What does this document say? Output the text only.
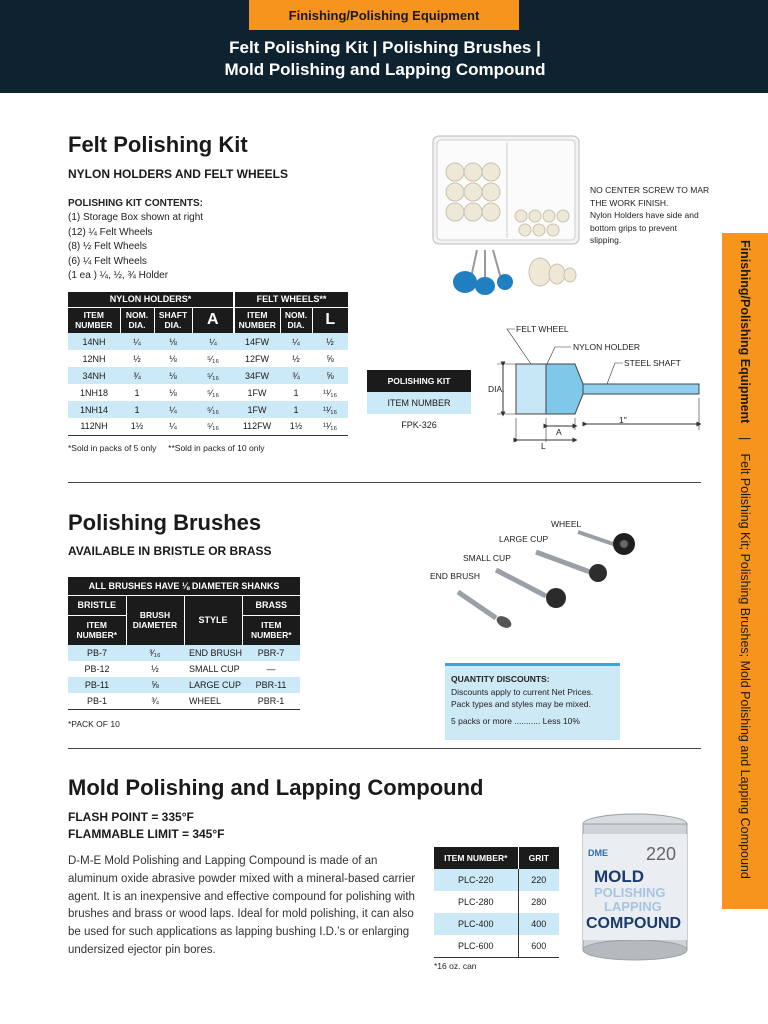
Finishing/Polishing Equipment
Felt Polishing Kit | Polishing Brushes |
Mold Polishing and Lapping Compound
Finishing/Polishing Equipment | Felt Polishing Kit; Polishing Brushes; Mold Polishing and Lapping Compound
Felt Polishing Kit
NYLON HOLDERS AND FELT WHEELS
POLISHING KIT CONTENTS:
(1) Storage Box shown at right
(12) ¼ Felt Wheels
(8) ½ Felt Wheels
(6) ¼ Felt Wheels
(1 ea ) ¼, ½, ¾ Holder
NO CENTER SCREW TO MAR THE WORK FINISH.
Nylon Holders have side and bottom grips to prevent slipping.
NYLON HOLDERS*				FELT WHEELS**		
ITEM NUMBER	NOM. DIA.	SHAFT DIA.	A	ITEM NUMBER	NOM. DIA.	L
14NH	¼	⅛	¼	14FW	¼	½
12NH	½	⅛	⁵⁄₁₆	12FW	½	⅝
34NH	¾	⅛	⁵⁄₁₆	34FW	¾	⅝
1NH18	1	⅛	⁵⁄₁₆	1FW	1	¹¹⁄₁₆
1NH14	1	¼	⁵⁄₁₆	1FW	1	¹¹⁄₁₆
112NH	1½	¼	⁵⁄₁₆	112FW	1½	¹¹⁄₁₆
*Sold in packs of 5 only     **Sold in packs of 10 only
POLISHING KIT
ITEM NUMBER
FPK-326
FELT WHEEL
NYLON HOLDER
STEEL SHAFT
DIA.
A
L
1"
Polishing Brushes
AVAILABLE IN BRISTLE OR BRASS
ALL BRUSHES HAVE ⅛ DIAMETER SHANKS			
BRISTLE	BRUSH DIAMETER	STYLE	BRASS
ITEM NUMBER*			ITEM NUMBER*
PB-7	³⁄₁₆	END BRUSH	PBR-7
PB-12	½	SMALL CUP	—
PB-11	⅝	LARGE CUP	PBR-11
PB-1	¾	WHEEL	PBR-1
*PACK OF 10
WHEEL
LARGE CUP
SMALL CUP
END BRUSH
QUANTITY DISCOUNTS:
Discounts apply to current Net Prices.
Pack types and styles may be mixed.
5 packs or more ........... Less 10%
Mold Polishing and Lapping Compound
FLASH POINT = 335°F
FLAMMABLE LIMIT = 345°F
D-M-E Mold Polishing and Lapping Compound is made of an aluminum oxide abrasive powder mixed with a mineral-based carrier agent. It is an inexpensive and effective compound for polishing with brushes and brass or wood laps. Ideal for mold polishing, it can also be used for such applications as lapping bushing I.D.’s or enlarging undersized ejector pin bores.
ITEM NUMBER*	GRIT
PLC-220	220
PLC-280	280
PLC-400	400
PLC-600	600
*16 oz. can
DME 220
MOLD
POLISHING
LAPPING
COMPOUND
